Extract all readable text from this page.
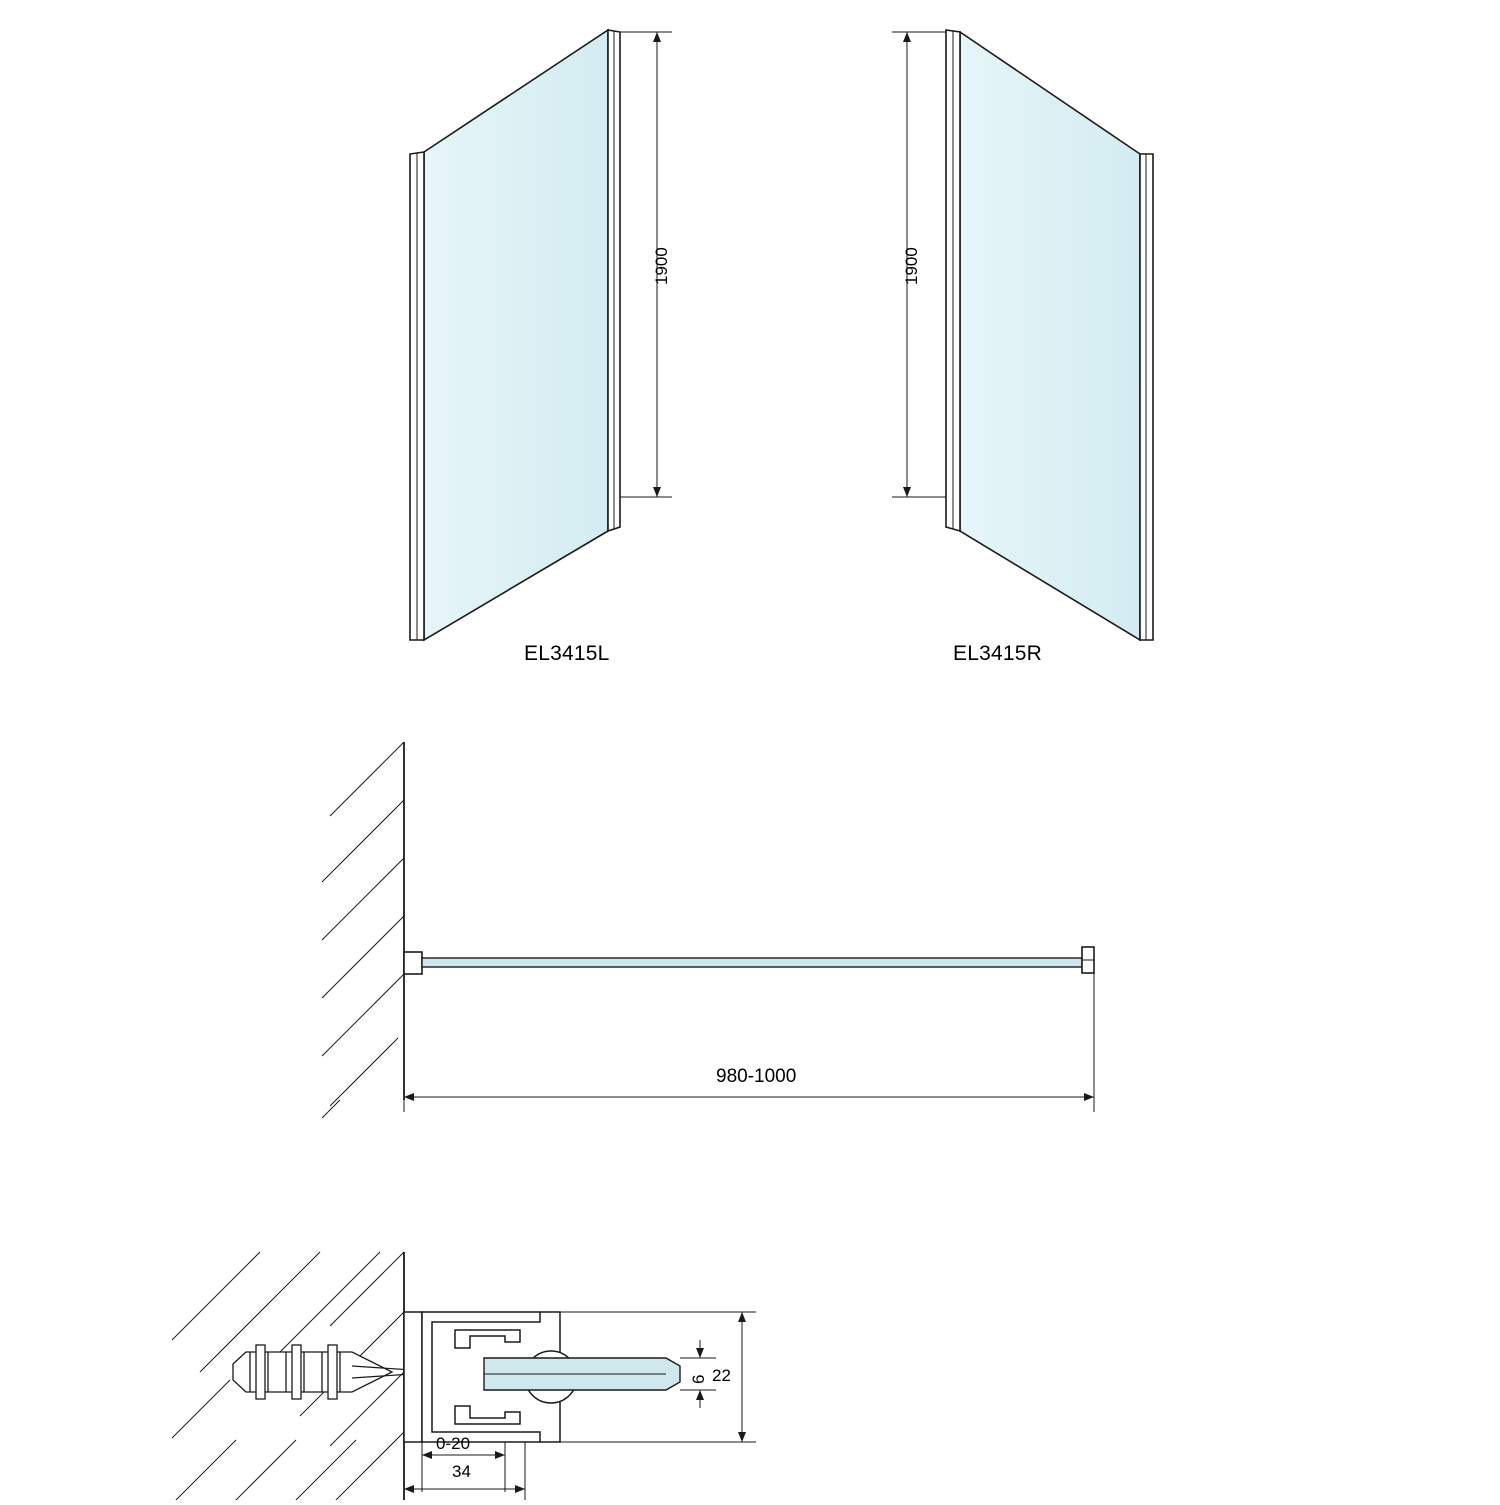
EL3415L	EL3415R
1900	1900
980-1000
6 22
0-20
34
